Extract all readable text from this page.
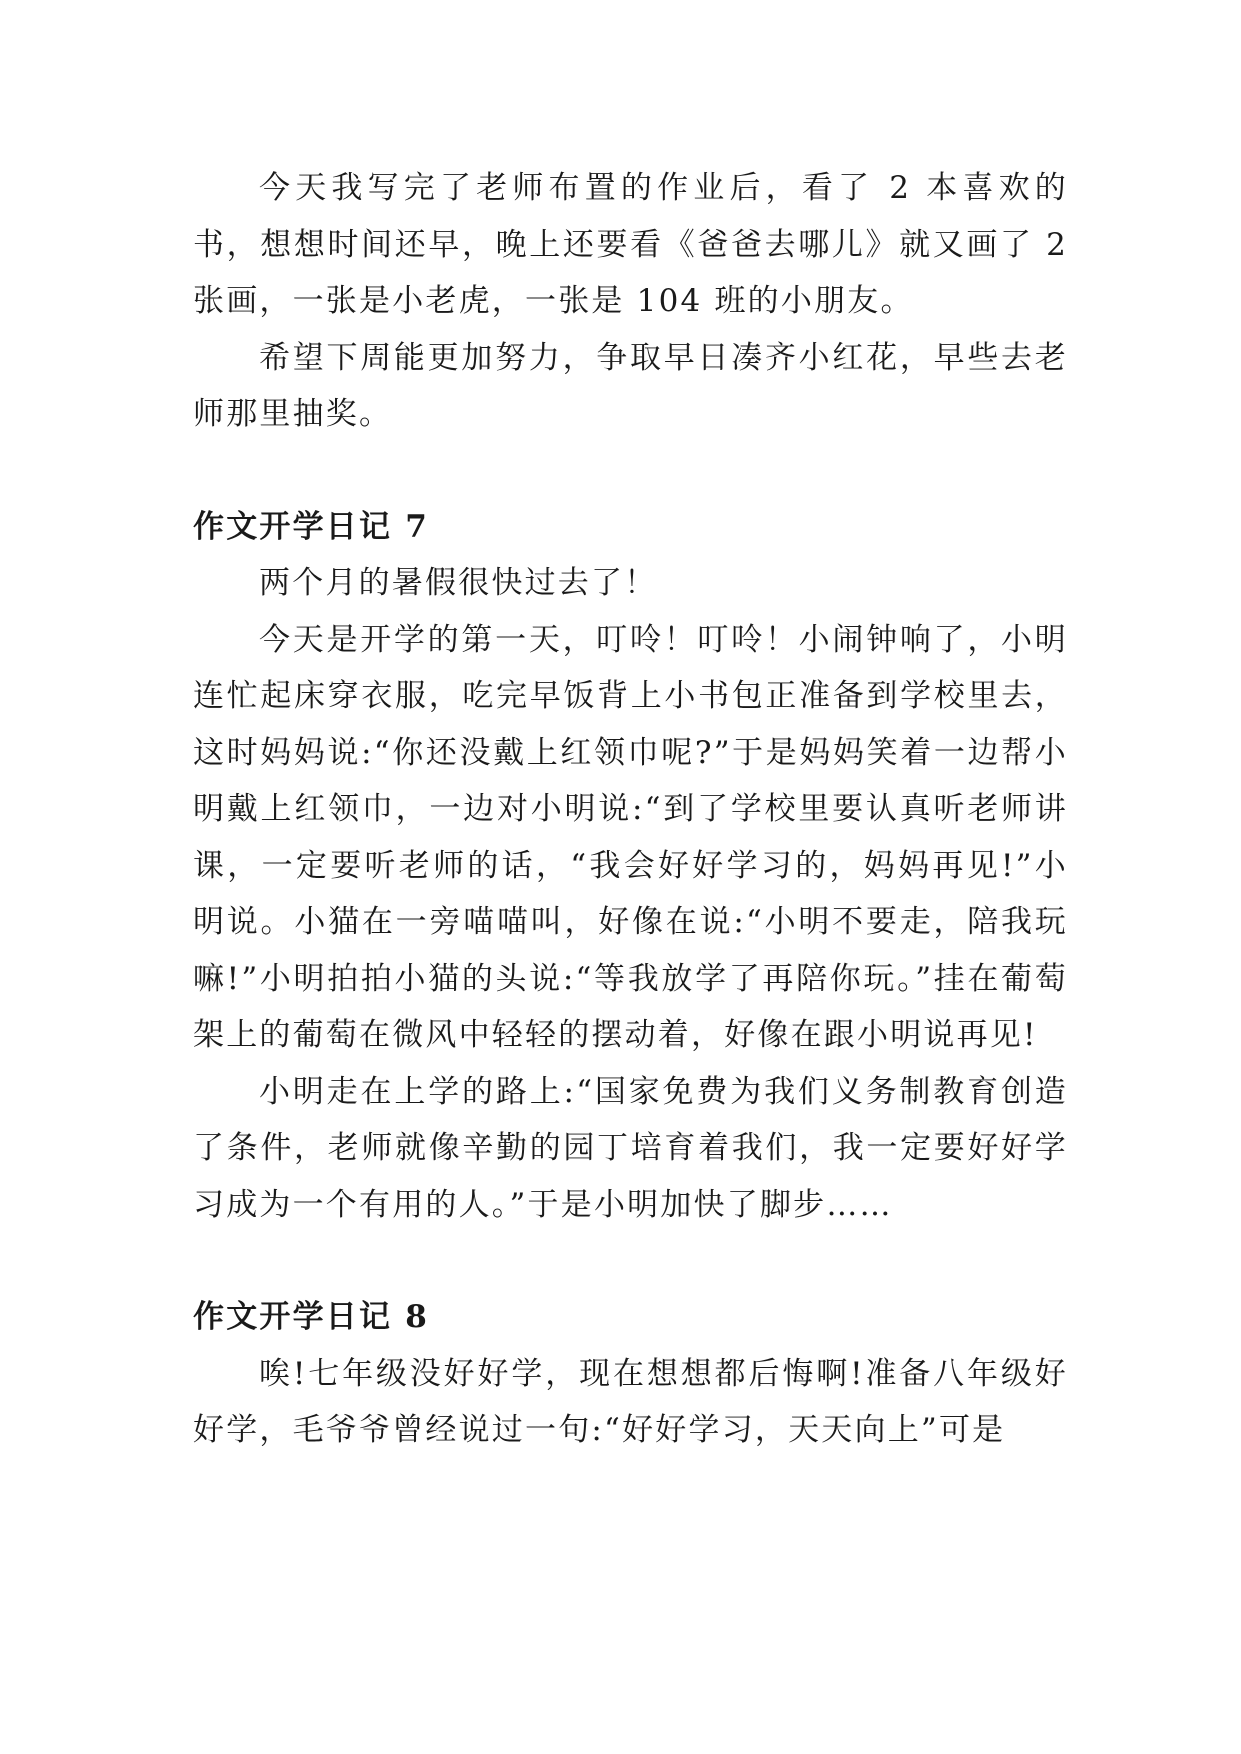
今天我写完了老师布置的作业后，看了 2 本喜欢的书，想想时间还早，晚上还要看《爸爸去哪儿》就又画了 2 张画，一张是小老虎，一张是 104 班的小朋友。

希望下周能更加努力，争取早日凑齐小红花，早些去老师那里抽奖。

作文开学日记 7

两个月的暑假很快过去了！

今天是开学的第一天，叮呤！叮呤！小闹钟响了，小明连忙起床穿衣服，吃完早饭背上小书包正准备到学校里去，这时妈妈说:“你还没戴上红领巾呢?”于是妈妈笑着一边帮小明戴上红领巾，一边对小明说:“到了学校里要认真听老师讲课，一定要听老师的话，“我会好好学习的，妈妈再见!”小明说。小猫在一旁喵喵叫，好像在说:“小明不要走，陪我玩嘛!”小明拍拍小猫的头说:“等我放学了再陪你玩。”挂在葡萄架上的葡萄在微风中轻轻的摆动着，好像在跟小明说再见!

小明走在上学的路上:“国家免费为我们义务制教育创造了条件，老师就像辛勤的园丁培育着我们，我一定要好好学习成为一个有用的人。”于是小明加快了脚步……

作文开学日记 8

唉!七年级没好好学，现在想想都后悔啊!准备八年级好好学，毛爷爷曾经说过一句:“好好学习，天天向上”可是
